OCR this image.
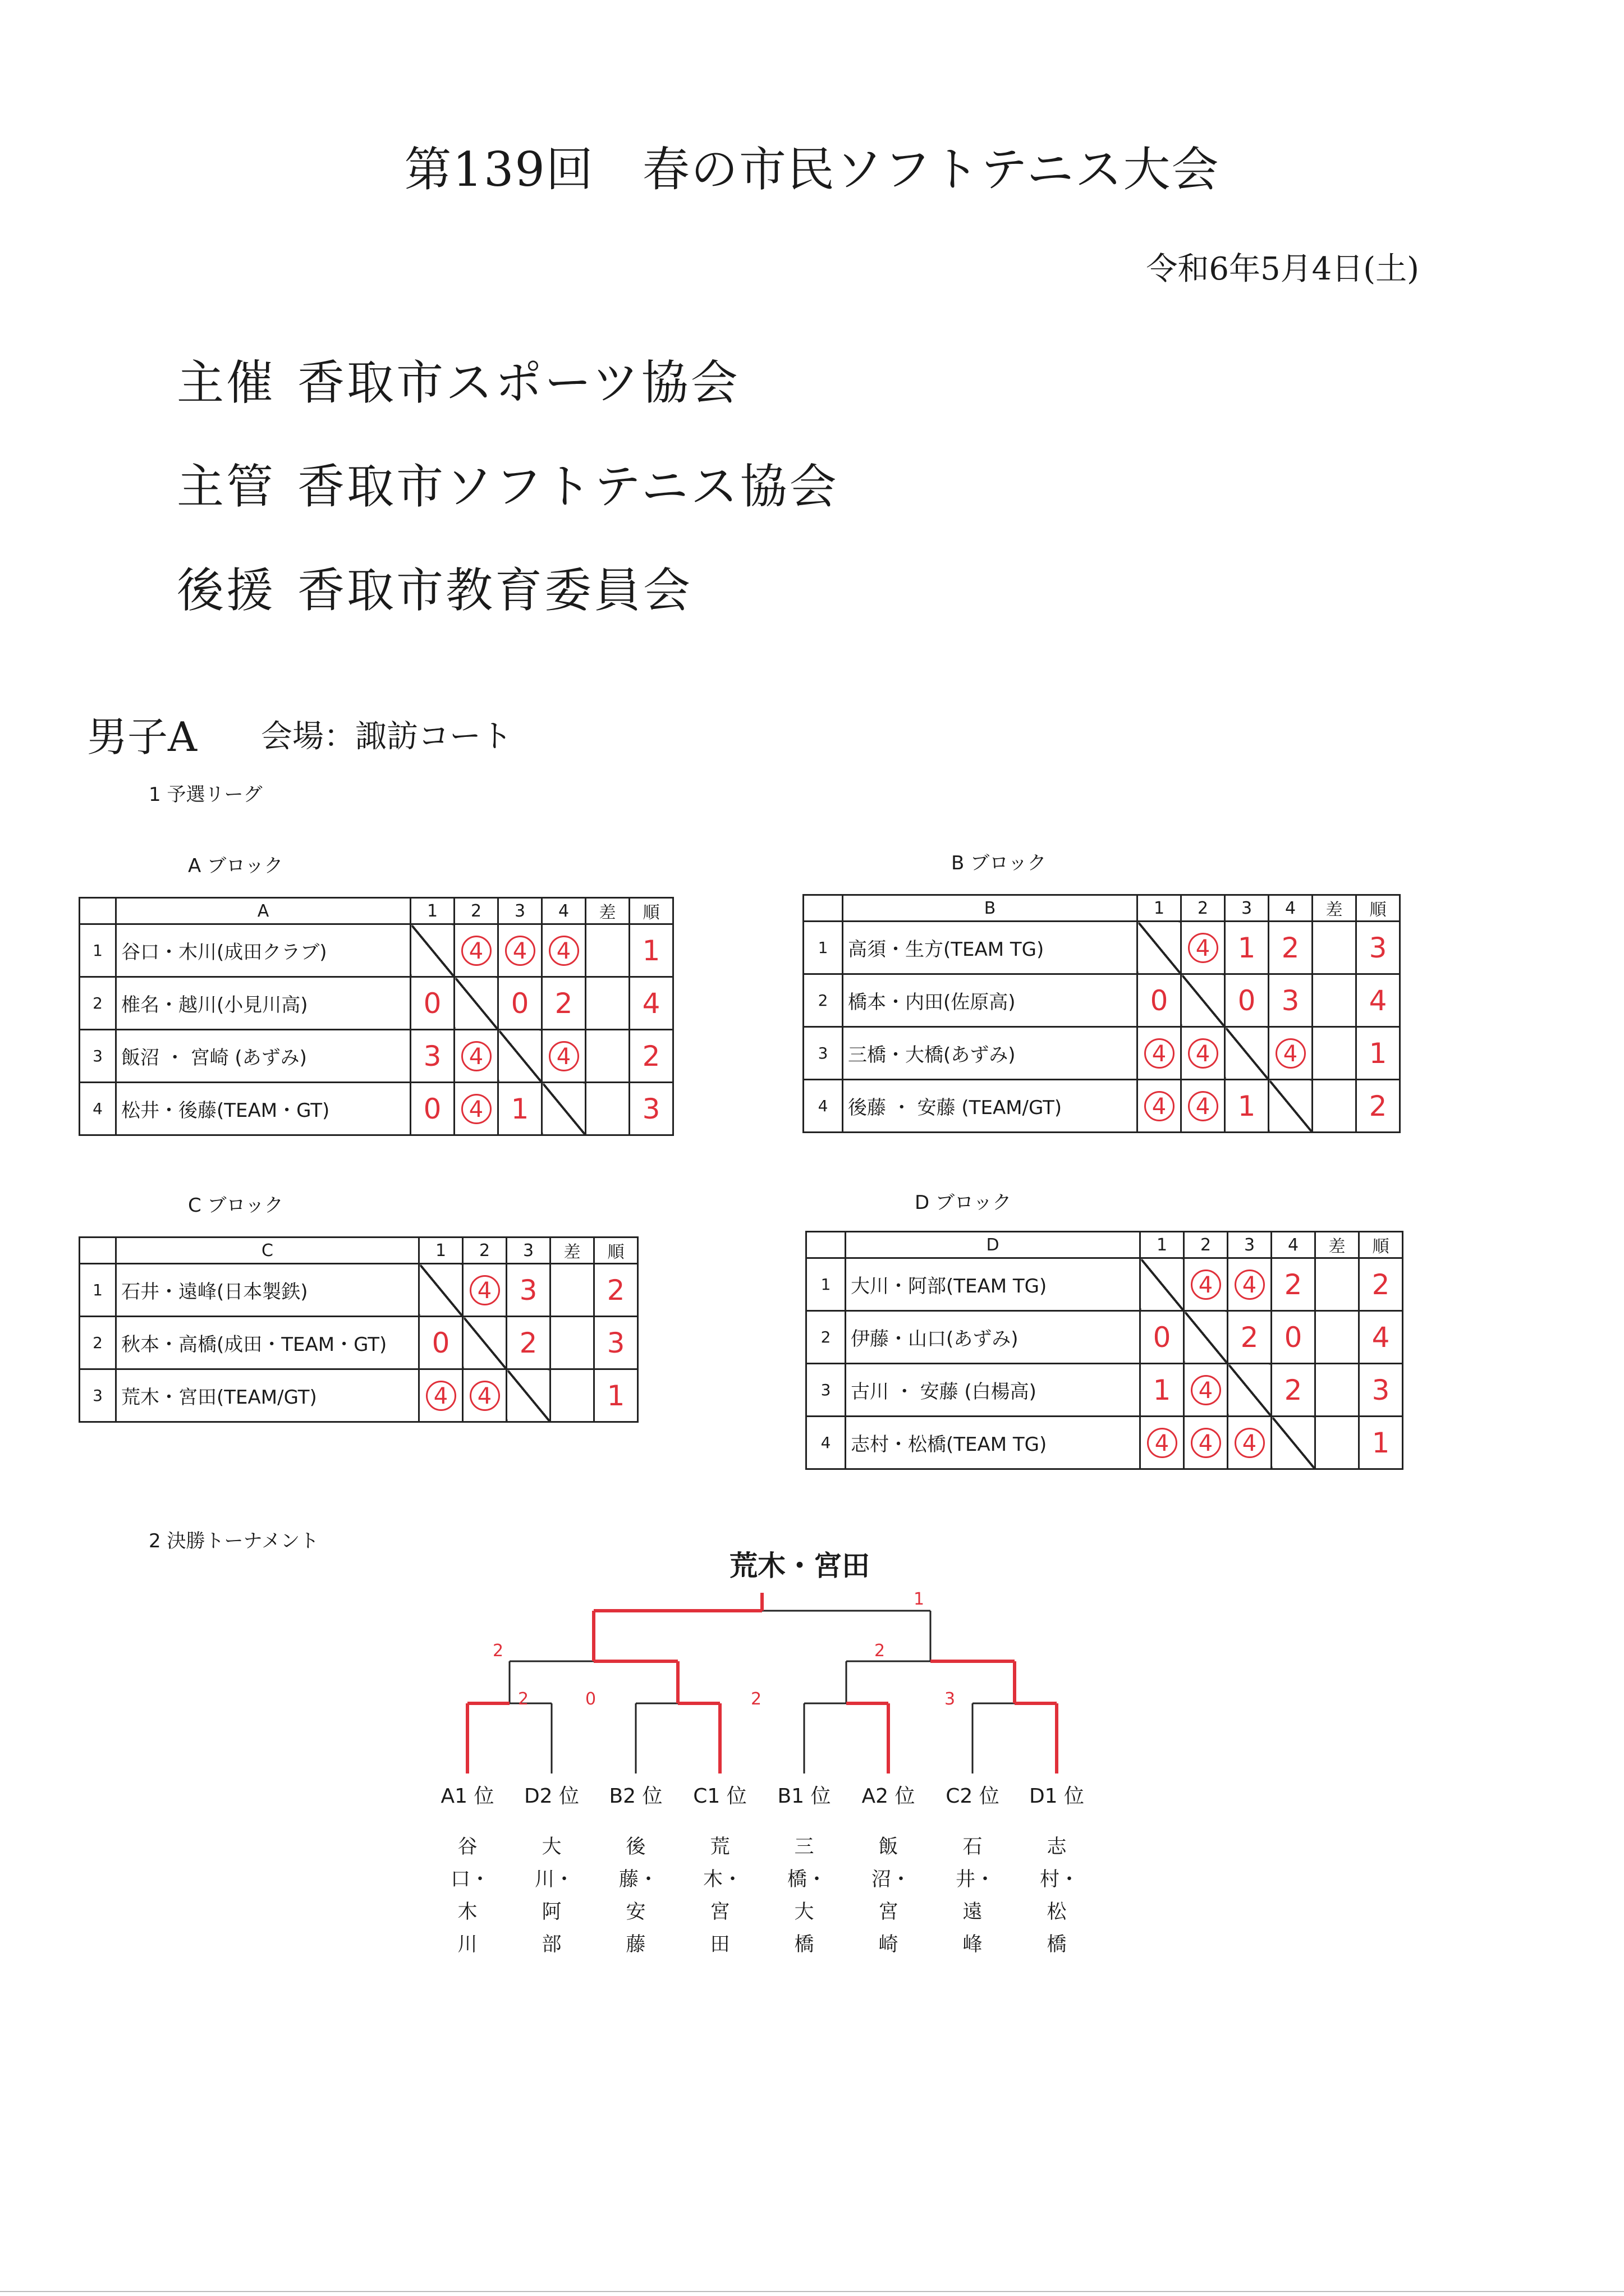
第139回　春の市民ソフトテニス大会
令和6年5月4日(土)
主催 香取市スポーツ協会
主管 香取市ソフトテニス協会
後援 香取市教育委員会
男子A 会場：諏訪コート
1 予選リーグ
A ブロック	B ブロック
C ブロック	D ブロック
	A	1	2	3	4	差	順
1	谷口・木川(成田クラブ)		4	4	4		1
2	椎名・越川(小見川高)	0		0	2		4
3	飯沼 ・ 宮崎 (あずみ)	3	4		4		2
4	松井・後藤(TEAM・GT)	0	4	1			3
	B	1	2	3	4	差	順
1	高須・生方(TEAM TG)		4	1	2		3
2	橋本・内田(佐原高)	0		0	3		4
3	三橋・大橋(あずみ)	4	4		4		1
4	後藤 ・ 安藤 (TEAM/GT)	4	4	1			2
	C	1	2	3	差	順
1	石井・遠峰(日本製鉄)		4	3		2
2	秋本・高橋(成田・TEAM・GT)	0		2		3
3	荒木・宮田(TEAM/GT)	4	4			1
	D	1	2	3	4	差	順
1	大川・阿部(TEAM TG)		4	4	2		2
2	伊藤・山口(あずみ)	0		2	0		4
3	古川 ・ 安藤 (白楊高)	1	4		2		3
4	志村・松橋(TEAM TG)	4	4	4			1
2 決勝トーナメント
荒木・宮田
1
2	2
2	0	2	3
A1 位
谷口・木川
D2 位
大川・阿部
B2 位
後藤・安藤
C1 位
荒木・宮田
B1 位
三橋・大橋
A2 位
飯沼・宮崎
C2 位
石井・遠峰
D1 位
志村・松橋
